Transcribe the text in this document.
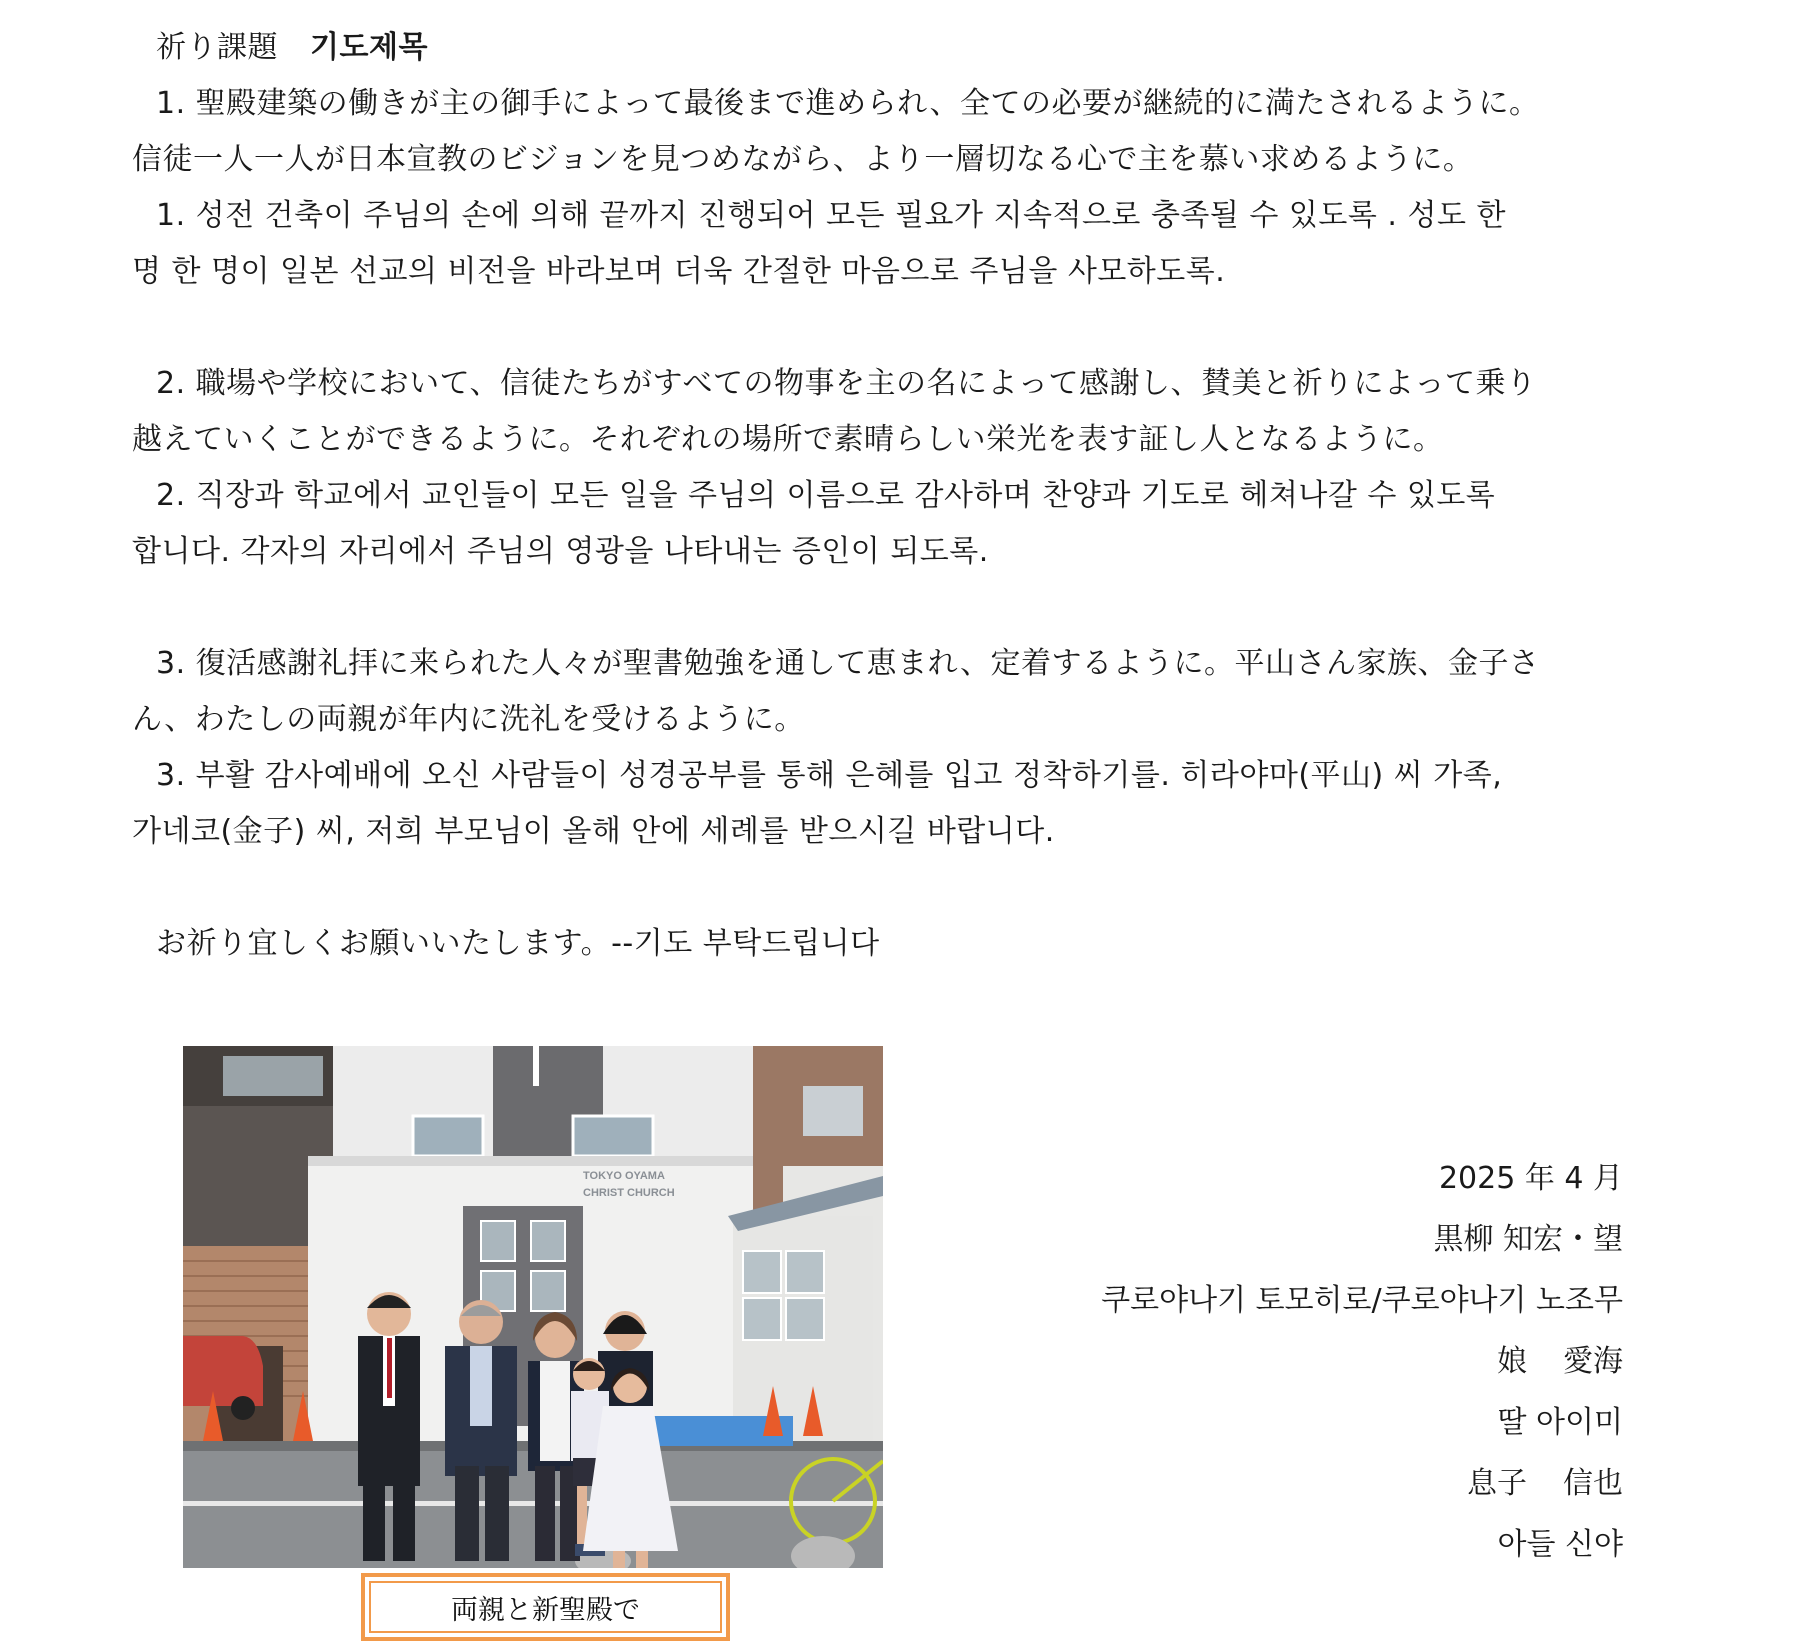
祈り課題 기도제목
1. 聖殿建築の働きが主の御手によって最後まで進められ、全ての必要が継続的に満たされるように。
信徒一人一人が日本宣教のビジョンを見つめながら、より一層切なる心で主を慕い求めるように。
1. 성전 건축이 주님의 손에 의해 끝까지 진행되어 모든 필요가 지속적으로 충족될 수 있도록 . 성도 한
명 한 명이 일본 선교의 비전을 바라보며 더욱 간절한 마음으로 주님을 사모하도록.
2. 職場や学校において、信徒たちがすべての物事を主の名によって感謝し、賛美と祈りによって乗り
越えていくことができるように。それぞれの場所で素晴らしい栄光を表す証し人となるように。
2. 직장과 학교에서 교인들이 모든 일을 주님의 이름으로 감사하며 찬양과 기도로 헤쳐나갈 수 있도록
합니다. 각자의 자리에서 주님의 영광을 나타내는 증인이 되도록.
3. 復活感謝礼拝に来られた人々が聖書勉強を通して恵まれ、定着するように。平山さん家族、金子さ
ん、わたしの両親が年内に洗礼を受けるように。
3. 부활 감사예배에 오신 사람들이 성경공부를 통해 은혜를 입고 정착하기를. 히라야마(平山) 씨 가족,
가네코(金子) 씨, 저희 부모님이 올해 안에 세례를 받으시길 바랍니다.
お祈り宜しくお願いいたします。--기도 부탁드립니다
TOKYO OYAMA
CHRIST CHURCH
両親と新聖殿で
2025 年 4 月
黒柳 知宏・望
쿠로야나기 토모히로/쿠로야나기 노조무
娘 愛海
딸 아이미
息子 信也
아들 신야
